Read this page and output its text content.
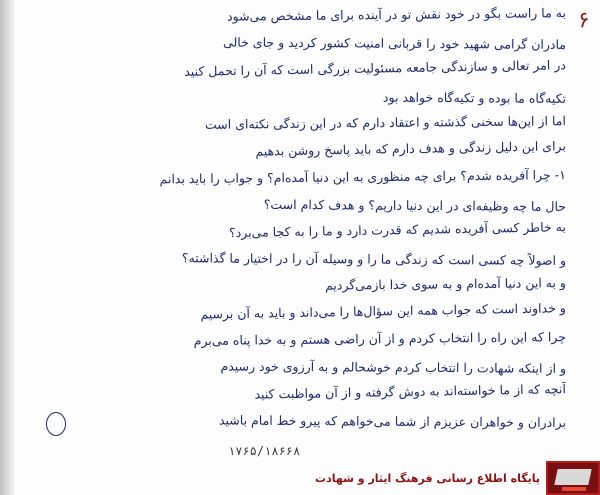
۶
به ما راست بگو در خود نقش تو در آینده برای ما مشخص می‌شود
مادران گرامی شهید خود را قربانی امنیت کشور کردید و جای خالی
در امر تعالی و سازندگی جامعه مسئولیت بزرگی است که آن را تحمل کنید
تکیه‌گاه ما بوده و تکیه‌گاه خواهد بود
اما از این‌ها سخنی گذشته و اعتقاد دارم که در این زندگی نکته‌ای است
برای این دلیل زندگی و هدف دارم که باید پاسخ روشن بدهیم
۱- چرا آفریده شدم؟ برای چه منظوری به این دنیا آمده‌ام؟ و جواب را باید بدانم
حال ما چه وظیفه‌ای در این دنیا داریم؟ و هدف کدام است؟
به خاطر کسی آفریده شدیم که قدرت دارد و ما را به کجا می‌برد؟
و اصولاً چه کسی است که زندگی ما را و وسیله آن را در اختیار ما گذاشته؟
و به این دنیا آمده‌ام و به سوی خدا بازمی‌گردیم
و خداوند است که جواب همه این سؤال‌ها را می‌داند و باید به آن برسیم
چرا که این راه را انتخاب کردم و از آن راضی هستم و به خدا پناه می‌برم
و از اینکه شهادت را انتخاب کردم خوشحالم و به آرزوی خود رسیدم
آنچه که از ما خواسته‌اند به دوش گرفته و از آن مواظبت کنید
برادران و خواهران عزیزم از شما می‌خواهم که پیرو خط امام باشید
۱۷۶۵/۱۸۶۶۸
پایگاه اطلاع رسانی فرهنگ ایثار و شهادت
